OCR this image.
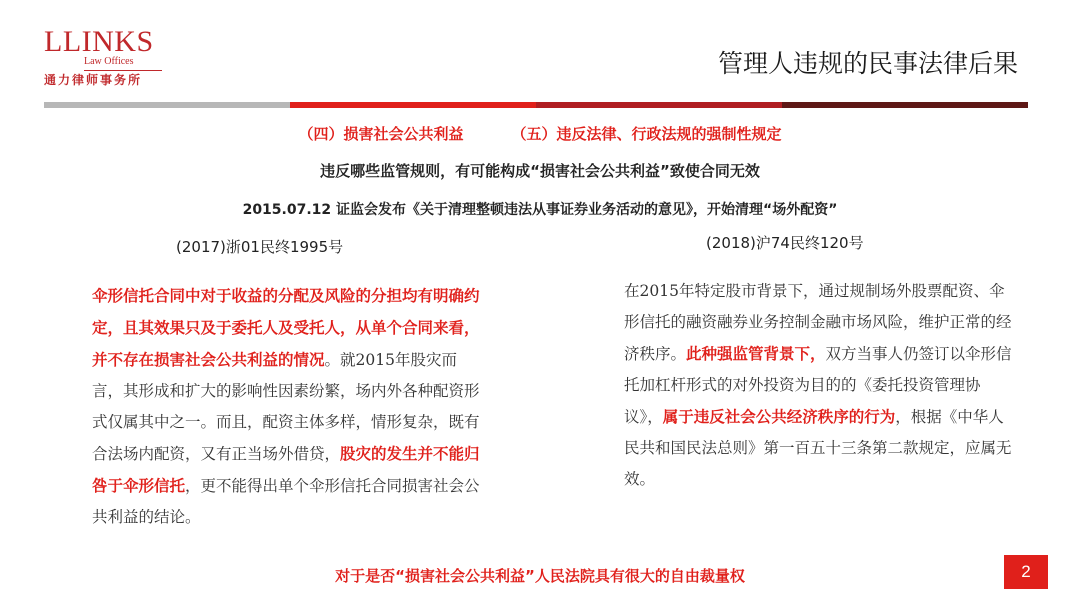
LLINKS
Law Offices
通力律师事务所
管理人违规的民事法律后果
（四）损害社会公共利益	（五）违反法律、行政法规的强制性规定
违反哪些监管规则，有可能构成“损害社会公共利益”致使合同无效
2015.07.12 证监会发布《关于清理整顿违法从事证券业务活动的意见》，开始清理“场外配资”
(2017)浙01民终1995号	(2018)沪74民终120号
伞形信托合同中对于收益的分配及风险的分担均有明确约定，且其效果只及于委托人及受托人，从单个合同来看，并不存在损害社会公共利益的情况。就2015年股灾而言，其形成和扩大的影响性因素纷繁，场内外各种配资形式仅属其中之一。而且，配资主体多样，情形复杂，既有合法场内配资，又有正当场外借贷，股灾的发生并不能归咎于伞形信托，更不能得出单个伞形信托合同损害社会公共利益的结论。
在2015年特定股市背景下，通过规制场外股票配资、伞形信托的融资融券业务控制金融市场风险，维护正常的经济秩序。此种强监管背景下，双方当事人仍签订以伞形信托加杠杆形式的对外投资为目的的《委托投资管理协议》，属于违反社会公共经济秩序的行为，根据《中华人民共和国民法总则》第一百五十三条第二款规定，应属无效。
对于是否“损害社会公共利益”人民法院具有很大的自由裁量权	2
